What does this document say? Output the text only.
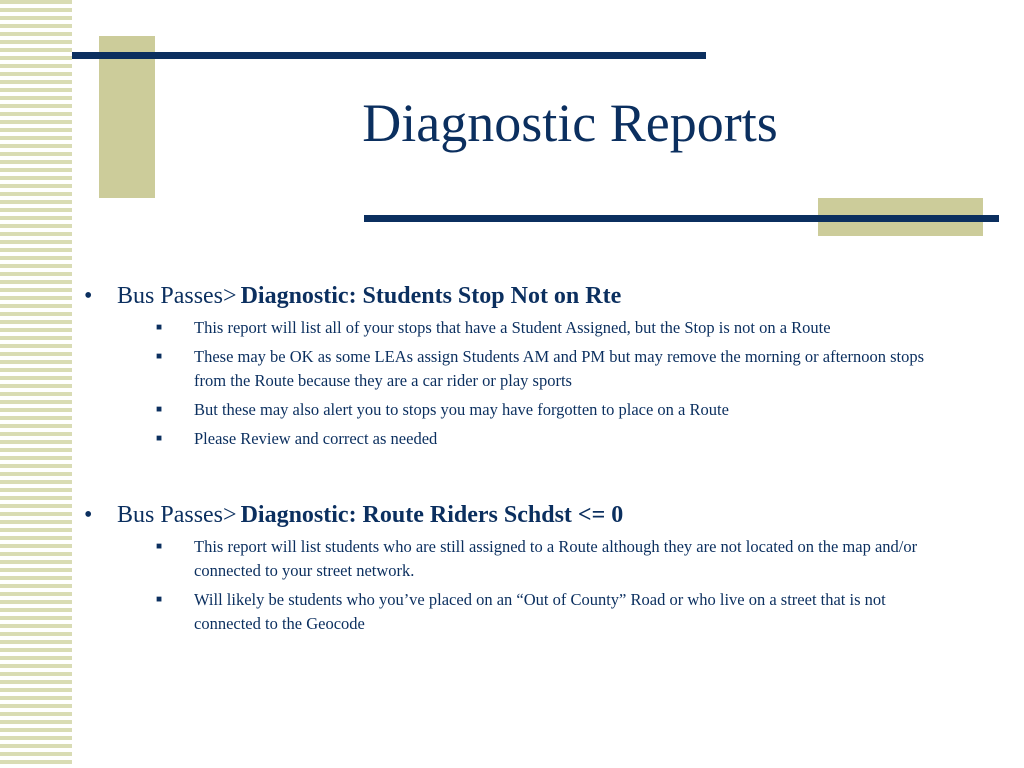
Diagnostic Reports
•	Bus Passes> Diagnostic: Students Stop Not on Rte
■	This report will list all of your stops that have a Student Assigned, but the Stop is not on a Route
■	These may be OK as some LEAs assign Students AM and PM but may remove the morning or afternoon stops from the Route because they are a car rider or play sports
■	But these may also alert you to stops you may have forgotten to place on a Route
■	Please Review and correct as needed
•	Bus Passes> Diagnostic: Route Riders Schdst <= 0
■	This report will list students who are still assigned to a Route although they are not located on the map and/or connected to your street network.
■	Will likely be students who you’ve placed on an “Out of County” Road or who live on a street that is not connected to the Geocode
